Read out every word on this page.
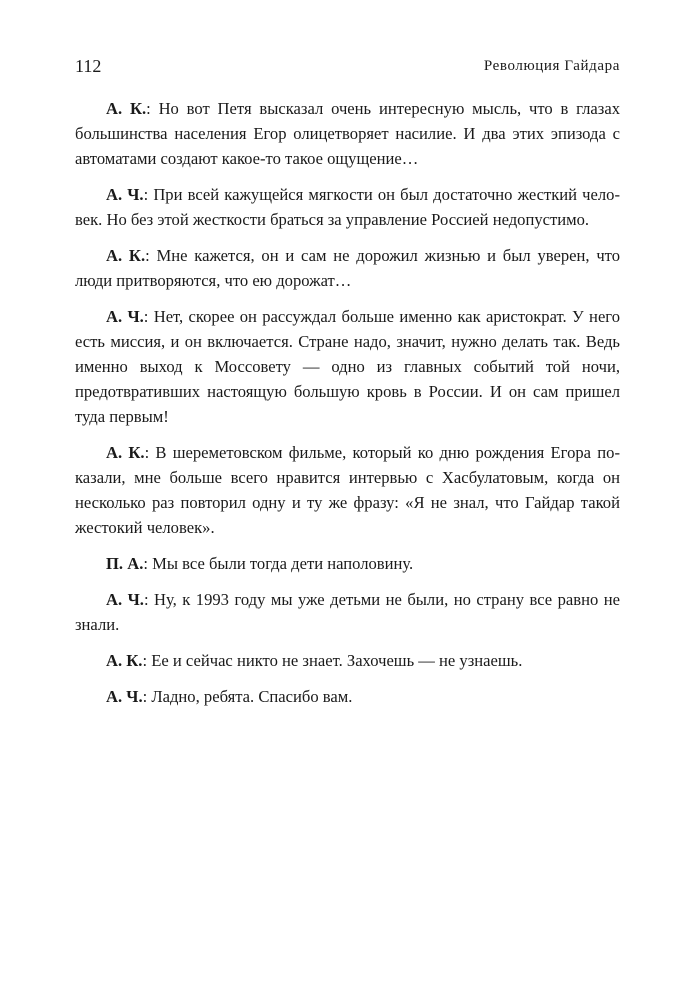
112	Революция Гайдара

А. К.: Но вот Петя высказал очень интересную мысль, что в глазах большинства населения Егор олицетворяет насилие. И два этих эпизода с автоматами создают какое-то такое ощущение…

А. Ч.: При всей кажущейся мягкости он был достаточно жесткий человек. Но без этой жесткости браться за управление Россией недопустимо.

А. К.: Мне кажется, он и сам не дорожил жизнью и был уверен, что люди притворяются, что ею дорожат…

А. Ч.: Нет, скорее он рассуждал больше именно как аристократ. У него есть миссия, и он включается. Стране надо, значит, нужно делать так. Ведь именно выход к Моссовету — одно из главных событий той ночи, предотвративших настоящую большую кровь в России. И он сам пришел туда первым!

А. К.: В шереметовском фильме, который ко дню рождения Егора показали, мне больше всего нравится интервью с Хасбулатовым, когда он несколько раз повторил одну и ту же фразу: «Я не знал, что Гайдар такой жестокий человек».

П. А.: Мы все были тогда дети наполовину.

А. Ч.: Ну, к 1993 году мы уже детьми не были, но страну все равно не знали.

А. К.: Ее и сейчас никто не знает. Захочешь — не узнаешь.

А. Ч.: Ладно, ребята. Спасибо вам.
